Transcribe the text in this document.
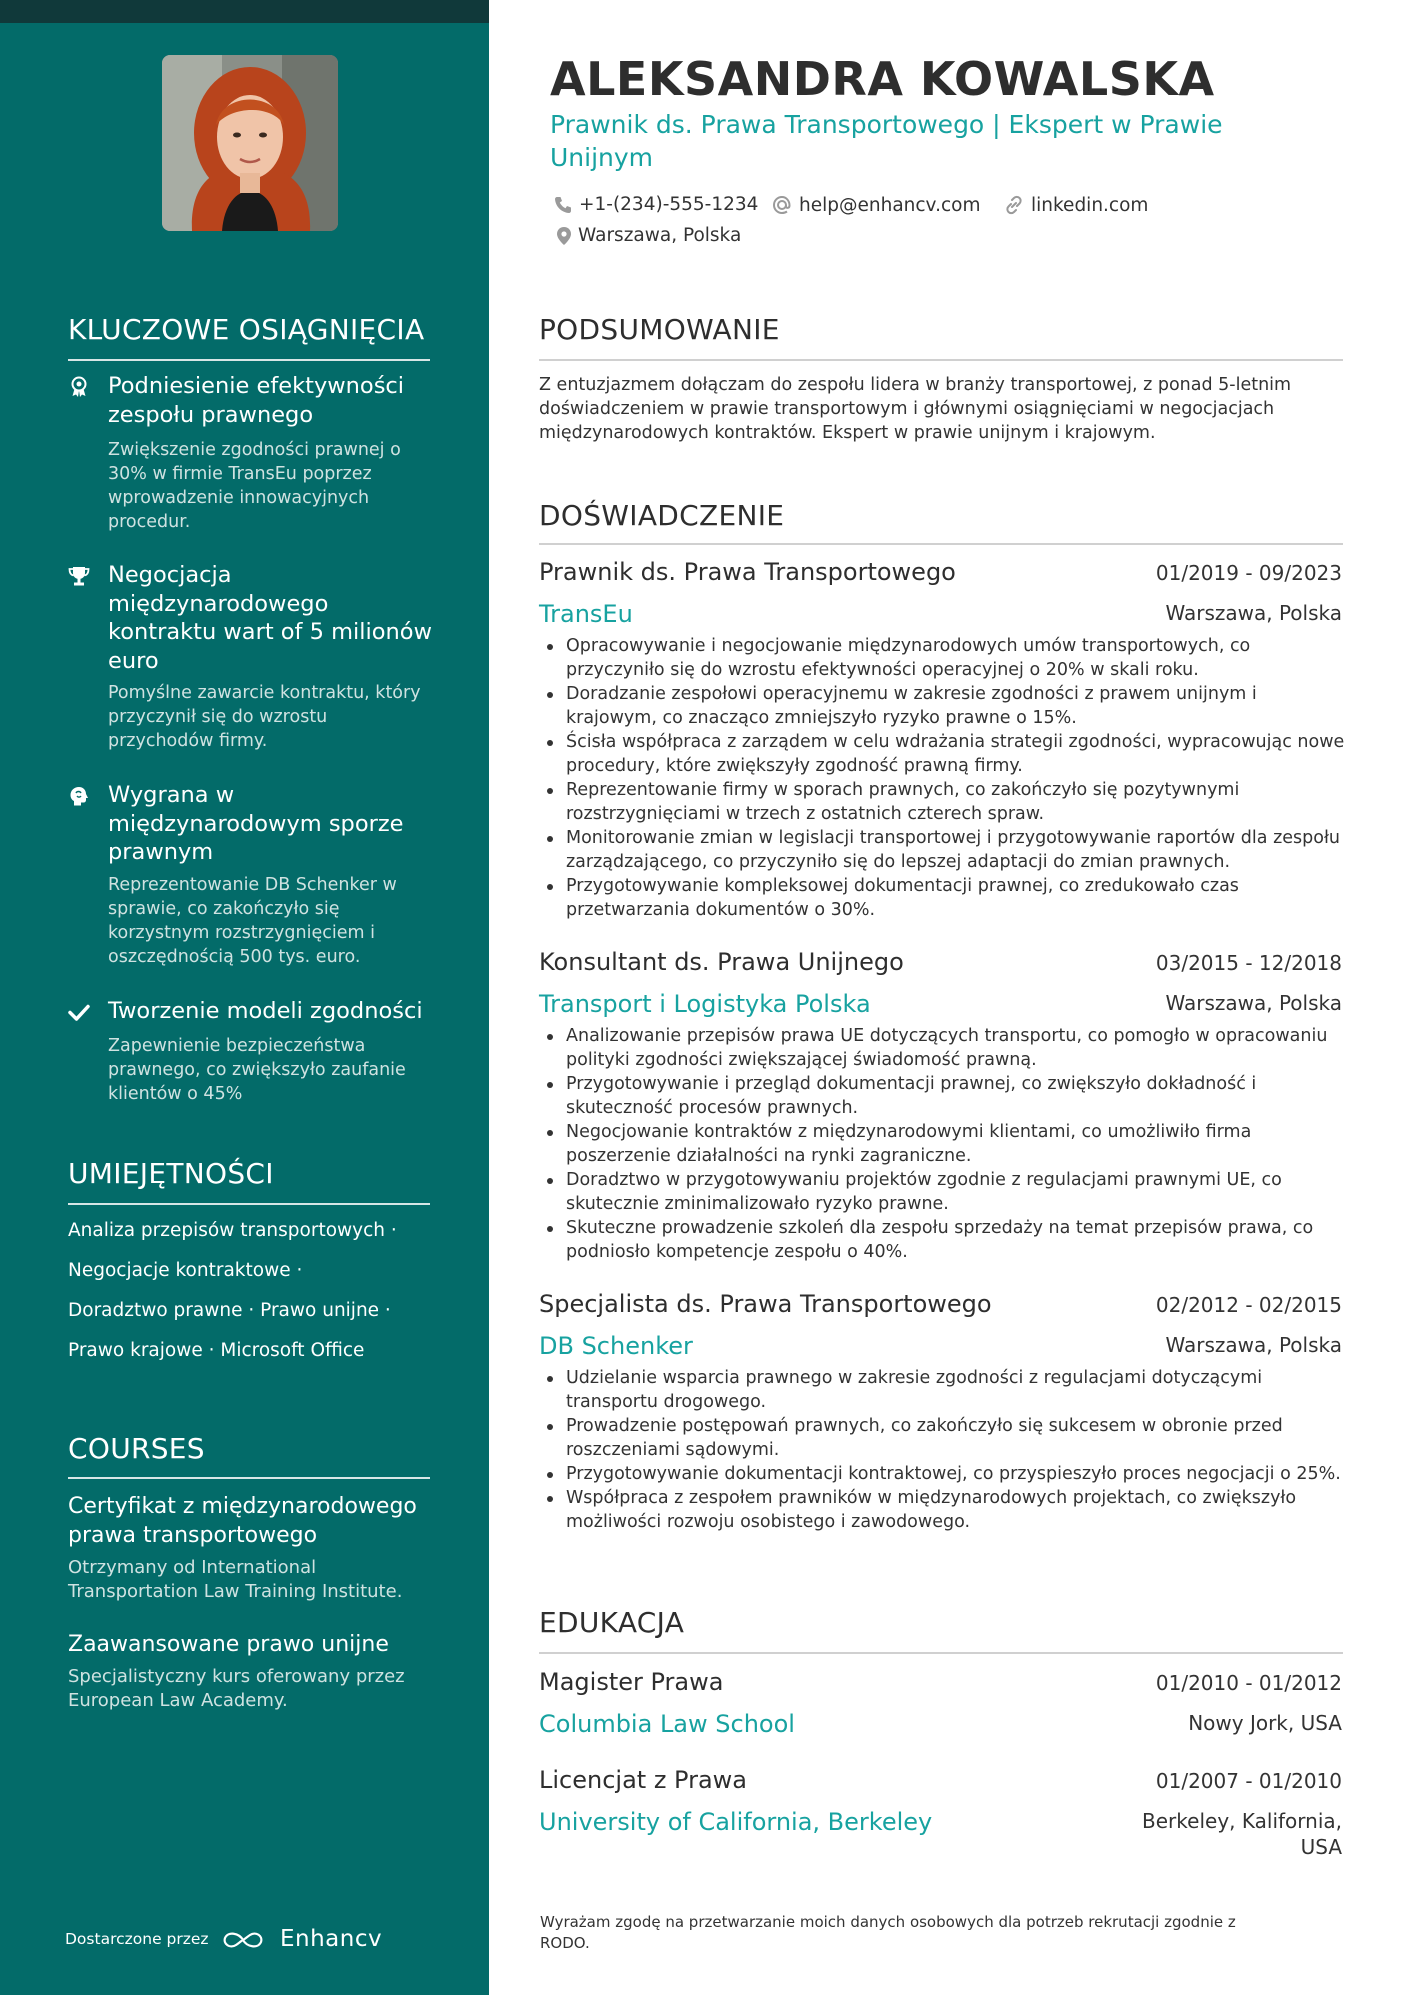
KLUCZOWE OSIĄGNIĘCIA
Podniesienie efektywności zespołu prawnego
Zwiększenie zgodności prawnej o 30% w firmie TransEu poprzez wprowadzenie innowacyjnych procedur.
Negocjacja międzynarodowego kontraktu wart of 5 milionów euro
Pomyślne zawarcie kontraktu, który przyczynił się do wzrostu przychodów firmy.
Wygrana w międzynarodowym sporze prawnym
Reprezentowanie DB Schenker w sprawie, co zakończyło się korzystnym rozstrzygnięciem i oszczędnością 500 tys. euro.
Tworzenie modeli zgodności
Zapewnienie bezpieczeństwa prawnego, co zwiększyło zaufanie klientów o 45%
UMIEJĘTNOŚCI
Analiza przepisów transportowych ·
Negocjacje kontraktowe ·
Doradztwo prawne · Prawo unijne ·
Prawo krajowe · Microsoft Office
COURSES
Certyfikat z międzynarodowego prawa transportowego
Otrzymany od International Transportation Law Training Institute.
Zaawansowane prawo unijne
Specjalistyczny kurs oferowany przez European Law Academy.
Dostarczone przez	Enhancv
ALEKSANDRA KOWALSKA
Prawnik ds. Prawa Transportowego | Ekspert w Prawie Unijnym
+1-(234)-555-1234 help@enhancv.com	linkedin.com
Warszawa, Polska
PODSUMOWANIE
Z entuzjazmem dołączam do zespołu lidera w branży transportowej, z ponad 5-letnim doświadczeniem w prawie transportowym i głównymi osiągnięciami w negocjacjach międzynarodowych kontraktów. Ekspert w prawie unijnym i krajowym.
DOŚWIADCZENIE
Prawnik ds. Prawa Transportowego	01/2019 - 09/2023
TransEu	Warszawa, Polska
Opracowywanie i negocjowanie międzynarodowych umów transportowych, co przyczyniło się do wzrostu efektywności operacyjnej o 20% w skali roku.
Doradzanie zespołowi operacyjnemu w zakresie zgodności z prawem unijnym i krajowym, co znacząco zmniejszyło ryzyko prawne o 15%.
Ścisła współpraca z zarządem w celu wdrażania strategii zgodności, wypracowując nowe procedury, które zwiększyły zgodność prawną firmy.
Reprezentowanie firmy w sporach prawnych, co zakończyło się pozytywnymi rozstrzygnięciami w trzech z ostatnich czterech spraw.
Monitorowanie zmian w legislacji transportowej i przygotowywanie raportów dla zespołu zarządzającego, co przyczyniło się do lepszej adaptacji do zmian prawnych.
Przygotowywanie kompleksowej dokumentacji prawnej, co zredukowało czas przetwarzania dokumentów o 30%.
Konsultant ds. Prawa Unijnego	03/2015 - 12/2018
Transport i Logistyka Polska	Warszawa, Polska
Analizowanie przepisów prawa UE dotyczących transportu, co pomogło w opracowaniu polityki zgodności zwiększającej świadomość prawną.
Przygotowywanie i przegląd dokumentacji prawnej, co zwiększyło dokładność i skuteczność procesów prawnych.
Negocjowanie kontraktów z międzynarodowymi klientami, co umożliwiło firma poszerzenie działalności na rynki zagraniczne.
Doradztwo w przygotowywaniu projektów zgodnie z regulacjami prawnymi UE, co skutecznie zminimalizowało ryzyko prawne.
Skuteczne prowadzenie szkoleń dla zespołu sprzedaży na temat przepisów prawa, co podniosło kompetencje zespołu o 40%.
Specjalista ds. Prawa Transportowego	02/2012 - 02/2015
DB Schenker	Warszawa, Polska
Udzielanie wsparcia prawnego w zakresie zgodności z regulacjami dotyczącymi transportu drogowego.
Prowadzenie postępowań prawnych, co zakończyło się sukcesem w obronie przed roszczeniami sądowymi.
Przygotowywanie dokumentacji kontraktowej, co przyspieszyło proces negocjacji o 25%.
Współpraca z zespołem prawników w międzynarodowych projektach, co zwiększyło możliwości rozwoju osobistego i zawodowego.
EDUKACJA
Magister Prawa	01/2010 - 01/2012
Columbia Law School	Nowy Jork, USA
Licencjat z Prawa	01/2007 - 01/2010
University of California, Berkeley	Berkeley, Kalifornia, USA
Wyrażam zgodę na przetwarzanie moich danych osobowych dla potrzeb rekrutacji zgodnie z RODO.
